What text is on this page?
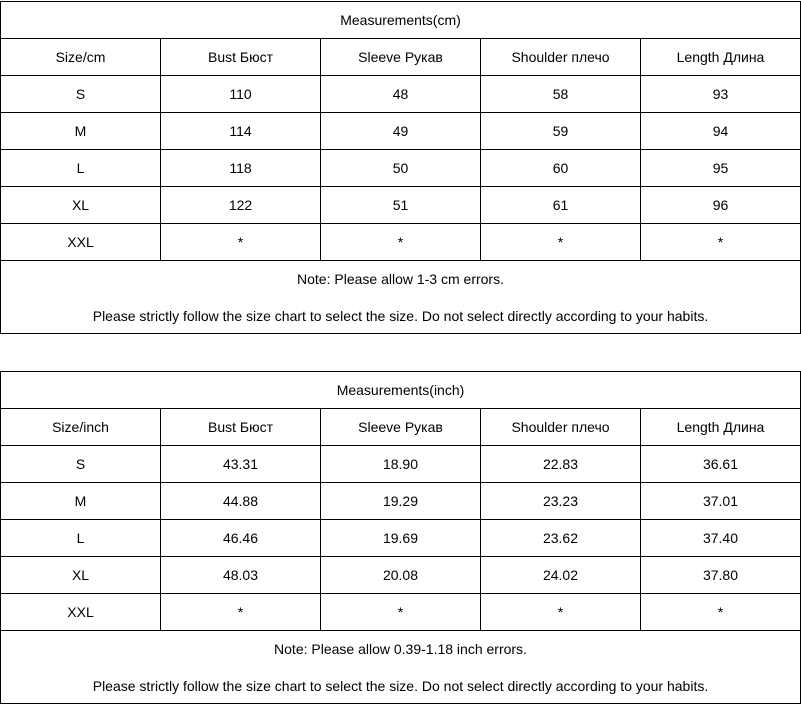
Measurements(cm)				
Size/cm	Bust Бюст	Sleeve Рукав	Shoulder плечо	Length Длина
S	110	48	58	93
M	114	49	59	94
L	118	50	60	95
XL	122	51	61	96
XXL	*	*	*	*

Note: Please allow 1-3 cm errors.
Please strictly follow the size chart to select the size. Do not select directly according to your habits.				
Measurements(inch)				
Size/inch	Bust Бюст	Sleeve Рукав	Shoulder плечо	Length Длина
S	43.31	18.90	22.83	36.61
M	44.88	19.29	23.23	37.01
L	46.46	19.69	23.62	37.40
XL	48.03	20.08	24.02	37.80
XXL	*	*	*	*

Note: Please allow 0.39-1.18 inch errors.
Please strictly follow the size chart to select the size. Do not select directly according to your habits.				
